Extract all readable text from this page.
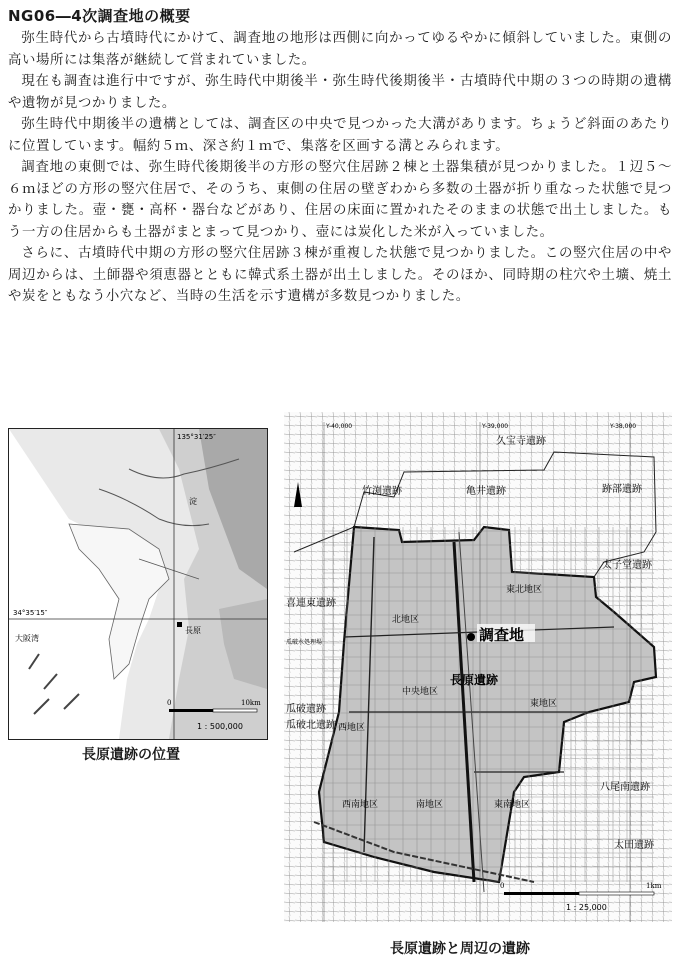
NG06―4次調査地の概要

弥生時代から古墳時代にかけて、調査地の地形は西側に向かってゆるやかに傾斜していました。東側の高い場所には集落が継続して営まれていました。

現在も調査は進行中ですが、弥生時代中期後半・弥生時代後期後半・古墳時代中期の３つの時期の遺構や遺物が見つかりました。

弥生時代中期後半の遺構としては、調査区の中央で見つかった大溝があります。ちょうど斜面のあたりに位置しています。幅約５ｍ、深さ約１ｍで、集落を区画する溝とみられます。

調査地の東側では、弥生時代後期後半の方形の竪穴住居跡２棟と土器集積が見つかりました。１辺５～６ｍほどの方形の竪穴住居で、そのうち、東側の住居の壁ぎわから多数の土器が折り重なった状態で見つかりました。壺・甕・高杯・器台などがあり、住居の床面に置かれたそのままの状態で出土しました。もう一方の住居からも土器がまとまって見つかり、壺には炭化した米が入っていました。

さらに、古墳時代中期の方形の竪穴住居跡３棟が重複した状態で見つかりました。この竪穴住居の中や周辺からは、土師器や須恵器とともに韓式系土器が出土しました。そのほか、同時期の柱穴や土壙、焼土や炭をともなう小穴など、当時の生活を示す遺構が多数見つかりました。

0	10km
1 : 500,000
135°31′25″
34°35′15″
長原
大阪湾
淀

長原遺跡の位置

Y-40,000	Y-39,000	Y-38,000
調査地
久宝寺遺跡
竹渕遺跡	亀井遺跡	跡部遺跡
太子堂遺跡
喜連東遺跡
長原遺跡
瓜破遺跡
瓜破北遺跡
八尾南遺跡
太田遺跡
北地区
東北地区
中央地区
東地区
西地区
西南地区	南地区	東南地区
瓜破水処理場
0	1km
1 : 25,000

長原遺跡と周辺の遺跡
